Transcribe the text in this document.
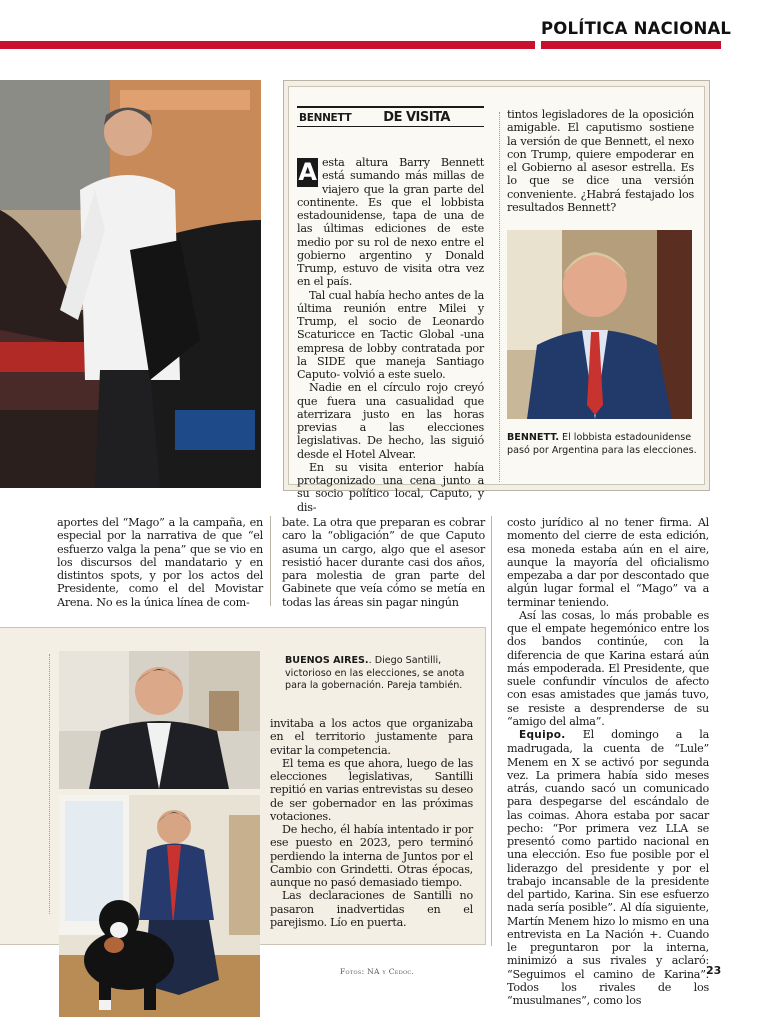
POLÍTICA NACIONAL
BENNETT DE VISITA
A esta altura Barry Bennett está sumando más millas de viajero que la gran parte del continente. Es que el lobbista estadounidense, tapa de una de las últimas ediciones de este medio por su rol de nexo entre el gobierno argentino y Donald Trump, estuvo de visita otra vez en el país.

Tal cual había hecho antes de la última reunión entre Milei y Trump, el socio de Leonardo Scaturicce en Tactic Global -una empresa de lobby contratada por la SIDE que maneja Santiago Caputo- volvió a este suelo.

Nadie en el círculo rojo creyó que fuera una casualidad que aterrizara justo en las horas previas a las elecciones legislativas. De hecho, las siguió desde el Hotel Alvear.

En su visita enterior había protagonizado una cena junto a su socio político local, Caputo, y dis-

tintos legisladores de la oposición amigable. El caputismo sostiene la versión de que Bennett, el nexo con Trump, quiere empoderar en el Gobierno al asesor estrella. Es lo que se dice una versión conveniente. ¿Habrá festajado los resultados Bennett?

BENNETT. El lobbista estadounidense pasó por Argentina para las elecciones.

aportes del “Mago” a la campaña, en especial por la narrativa de que “el esfuerzo valga la pena” que se vio en los discursos del mandatario y en distintos spots, y por los actos del Presidente, como el del Movistar Arena. No es la única línea de com-

bate. La otra que preparan es cobrar caro la “obligación” de que Caputo asuma un cargo, algo que el asesor resistió hacer durante casi dos años, para molestia de gran parte del Gabinete que veía cómo se metía en todas las áreas sin pagar ningún

costo jurídico al no tener firma. Al momento del cierre de esta edición, esa moneda estaba aún en el aire, aunque la mayoría del oficialismo empezaba a dar por descontado que algún lugar formal el “Mago” va a terminar teniendo.

Así las cosas, lo más probable es que el empate hegemónico entre los dos bandos continúe, con la diferencia de que Karina estará aún más empoderada. El Presidente, que suele confundir vínculos de afecto con esas amistades que jamás tuvo, se resiste a desprenderse de su “amigo del alma”.

Equipo. El domingo a la madrugada, la cuenta de “Lule” Menem en X se activó por segunda vez. La primera había sido meses atrás, cuando sacó un comunicado para despegarse del escándalo de las coimas. Ahora estaba por sacar pecho: “Por primera vez LLA se presentó como partido nacional en una elección. Eso fue posible por el liderazgo del presidente y por el trabajo incansable de la presidente del partido, Karina. Sin ese esfuerzo nada sería posible”. Al día siguiente, Martín Menem hizo lo mismo en una entrevista en La Nación +. Cuando le preguntaron por la interna, minimizó a sus rivales y aclaró: “Seguimos el camino de Karina”. Todos los rivales de los “musulmanes”, como los

BUENOS AIRES.. Diego Santilli, victorioso en las elecciones, se anota para la gobernación. Pareja también.

invitaba a los actos que organizaba en el territorio justamente para evitar la competencia.

El tema es que ahora, luego de las elecciones legislativas, Santilli repitió en varias entrevistas su deseo de ser gobernador en las próximas votaciones.

De hecho, él había intentado ir por ese puesto en 2023, pero terminó perdiendo la interna de Juntos por el Cambio con Grindetti. Otras épocas, aunque no pasó demasiado tiempo.

Las declaraciones de Santilli no pasaron inadvertidas en el parejismo. Lío en puerta.

Fotos: NA y Cedoc.	23
